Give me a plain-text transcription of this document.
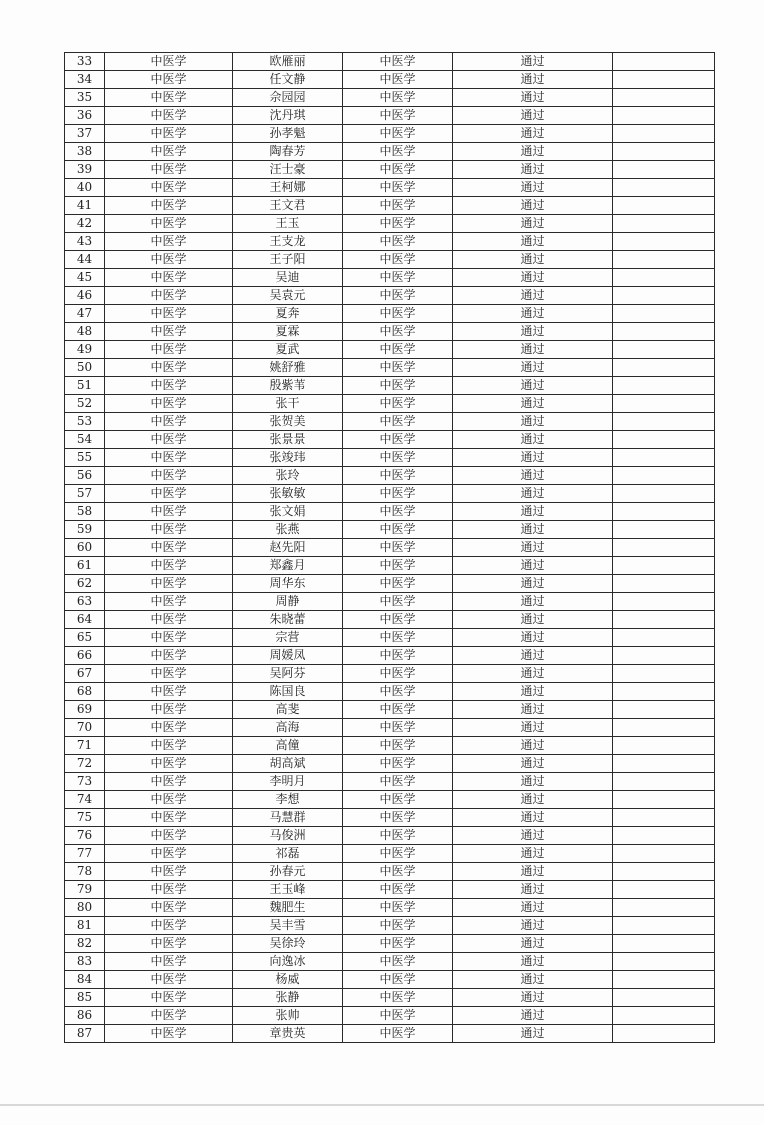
33	中医学	欧雁丽	中医学	通过	
34	中医学	任文静	中医学	通过	
35	中医学	佘园园	中医学	通过	
36	中医学	沈丹琪	中医学	通过	
37	中医学	孙孝魁	中医学	通过	
38	中医学	陶春芳	中医学	通过	
39	中医学	汪士豪	中医学	通过	
40	中医学	王柯娜	中医学	通过	
41	中医学	王文君	中医学	通过	
42	中医学	王玉	中医学	通过	
43	中医学	王支龙	中医学	通过	
44	中医学	王子阳	中医学	通过	
45	中医学	吴迪	中医学	通过	
46	中医学	吴袁元	中医学	通过	
47	中医学	夏奔	中医学	通过	
48	中医学	夏霖	中医学	通过	
49	中医学	夏武	中医学	通过	
50	中医学	姚舒雅	中医学	通过	
51	中医学	殷紫苇	中医学	通过	
52	中医学	张干	中医学	通过	
53	中医学	张贺美	中医学	通过	
54	中医学	张景景	中医学	通过	
55	中医学	张竣玮	中医学	通过	
56	中医学	张玲	中医学	通过	
57	中医学	张敏敏	中医学	通过	
58	中医学	张文娟	中医学	通过	
59	中医学	张燕	中医学	通过	
60	中医学	赵先阳	中医学	通过	
61	中医学	郑鑫月	中医学	通过	
62	中医学	周华东	中医学	通过	
63	中医学	周静	中医学	通过	
64	中医学	朱晓蕾	中医学	通过	
65	中医学	宗营	中医学	通过	
66	中医学	周媛凤	中医学	通过	
67	中医学	吴阿芬	中医学	通过	
68	中医学	陈国良	中医学	通过	
69	中医学	高斐	中医学	通过	
70	中医学	高海	中医学	通过	
71	中医学	高僮	中医学	通过	
72	中医学	胡高斌	中医学	通过	
73	中医学	李明月	中医学	通过	
74	中医学	李想	中医学	通过	
75	中医学	马慧群	中医学	通过	
76	中医学	马俊洲	中医学	通过	
77	中医学	祁磊	中医学	通过	
78	中医学	孙春元	中医学	通过	
79	中医学	王玉峰	中医学	通过	
80	中医学	魏肥生	中医学	通过	
81	中医学	吴丰雪	中医学	通过	
82	中医学	吴徐玲	中医学	通过	
83	中医学	向逸冰	中医学	通过	
84	中医学	杨威	中医学	通过	
85	中医学	张静	中医学	通过	
86	中医学	张帅	中医学	通过	
87	中医学	章贵英	中医学	通过	
